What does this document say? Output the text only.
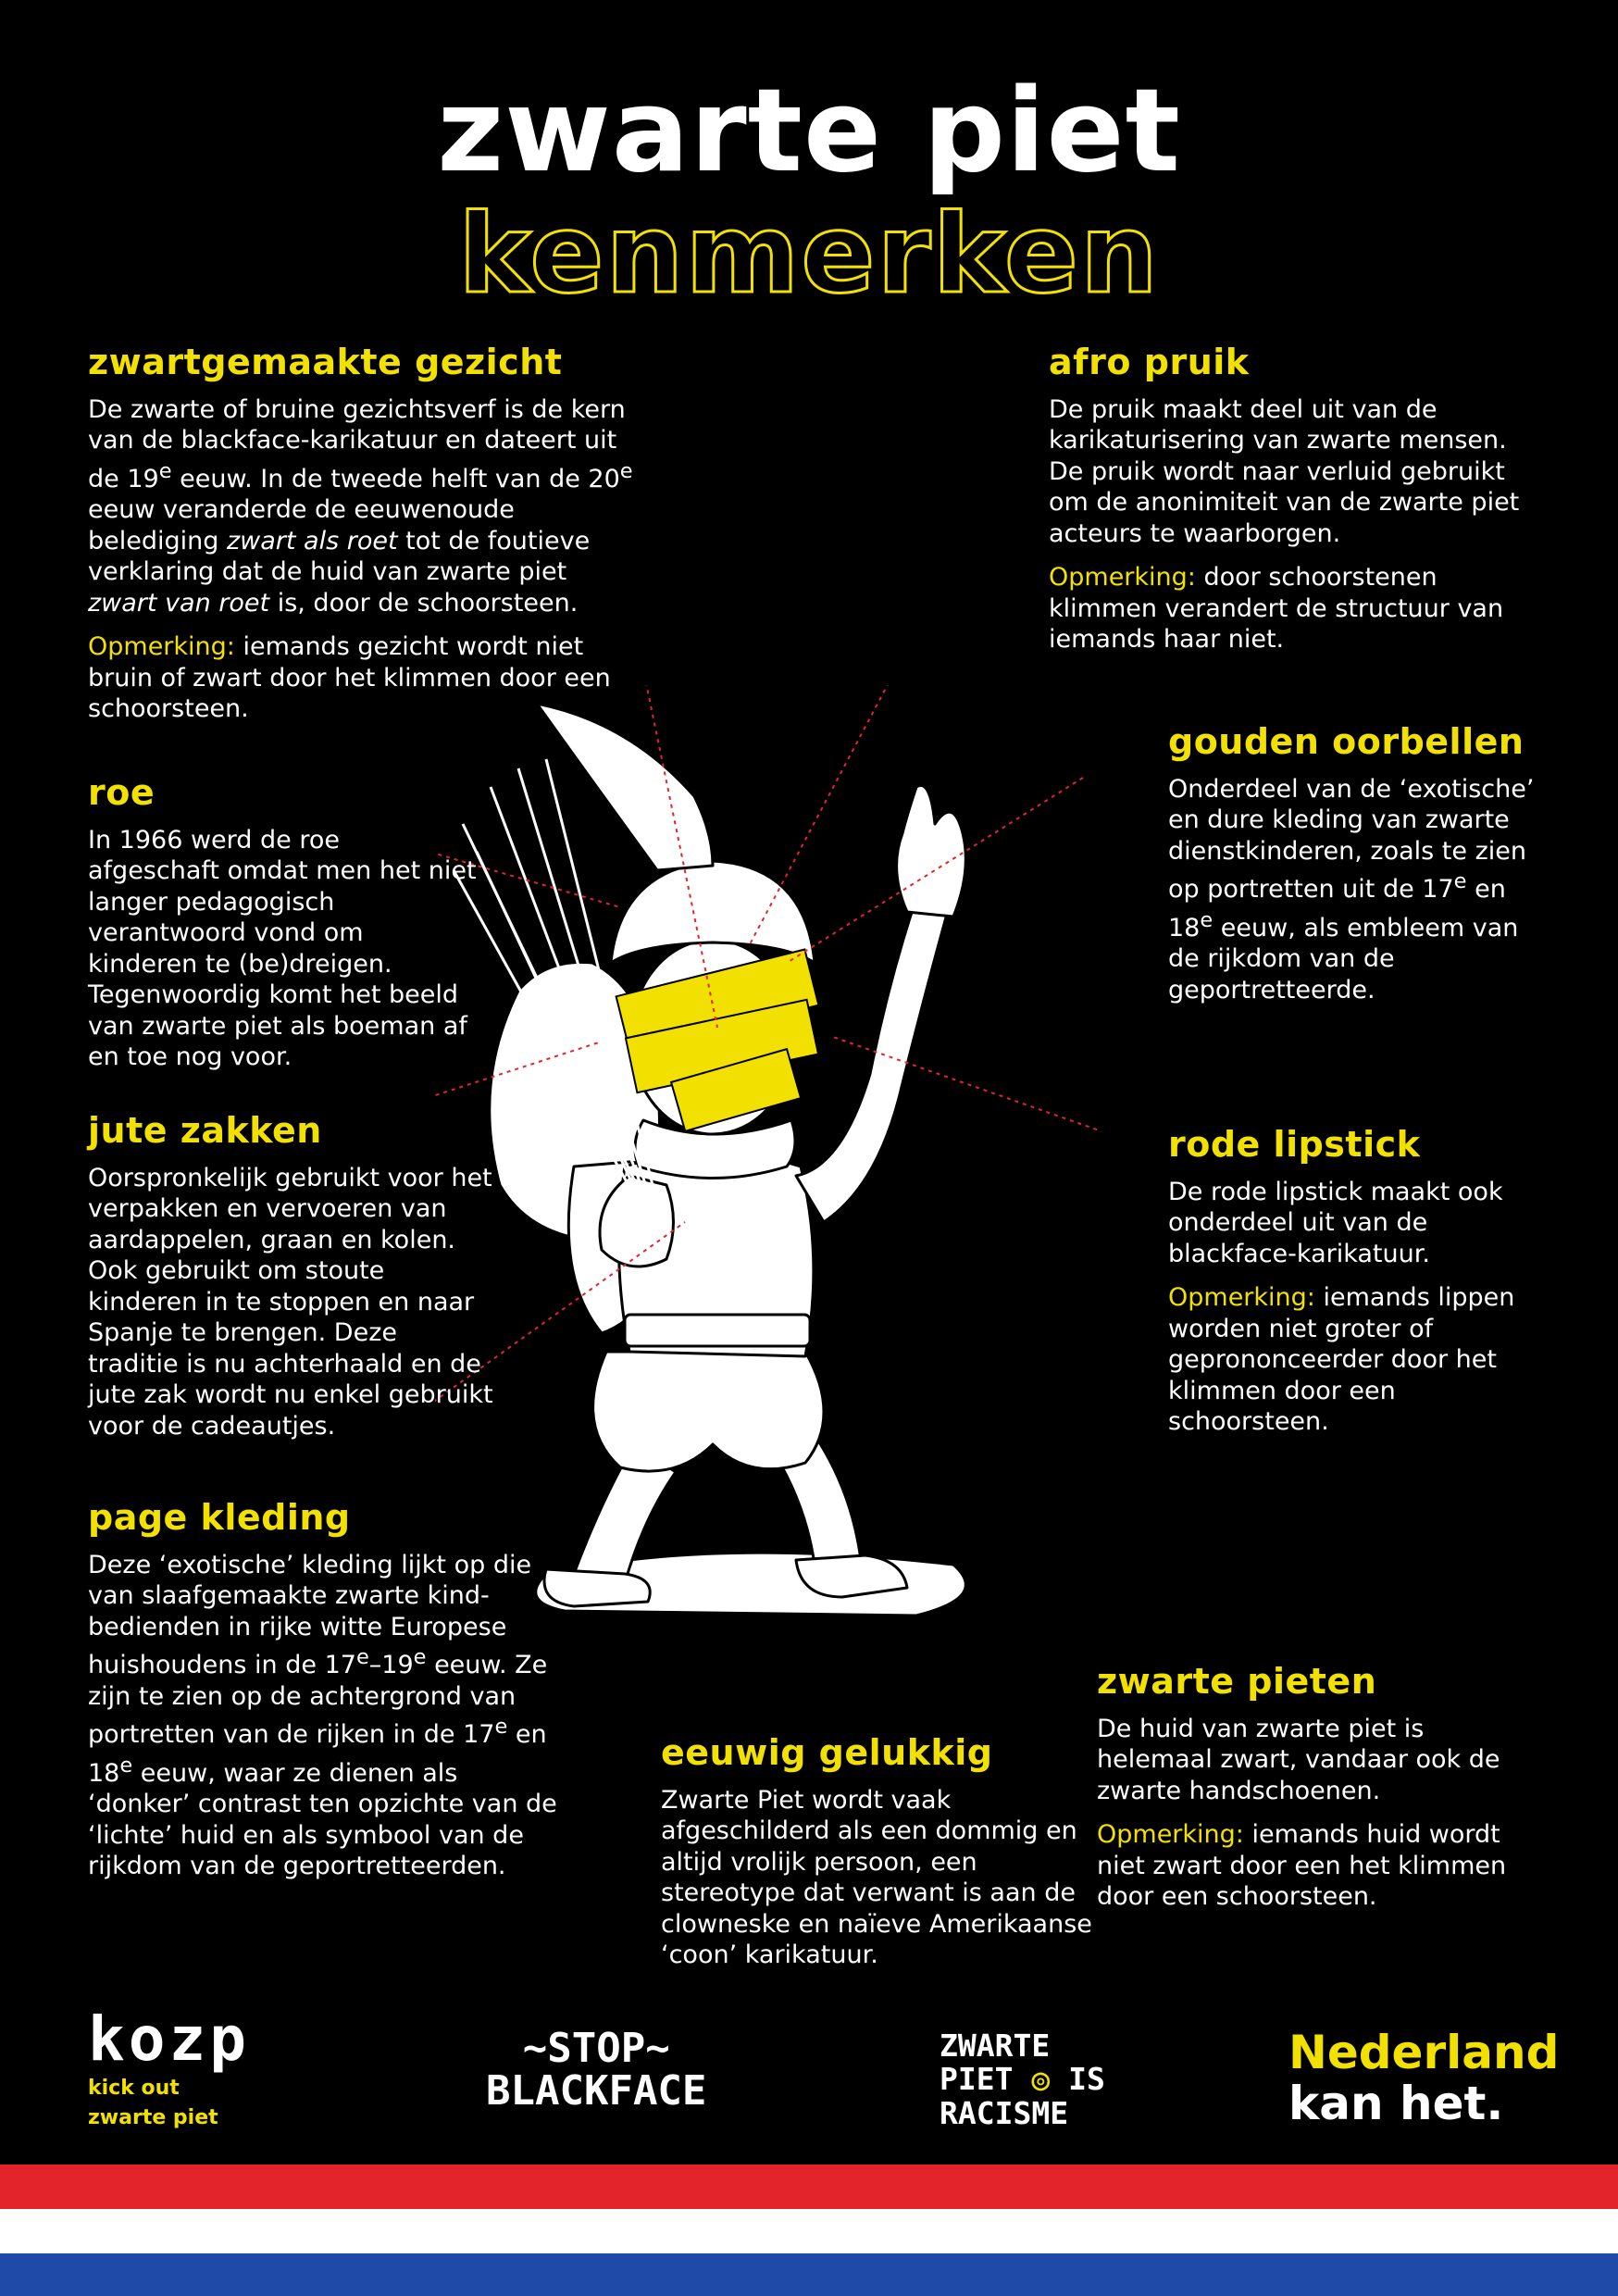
zwarte piet
kenmerken
zwartgemaakte gezicht

De zwarte of bruine gezichtsverf is de kern van de blackface-karikatuur en dateert uit de 19e eeuw. In de tweede helft van de 20e eeuw veranderde de eeuwenoude belediging zwart als roet tot de foutieve verklaring dat de huid van zwarte piet zwart van roet is, door de schoorsteen.

Opmerking: iemands gezicht wordt niet bruin of zwart door het klimmen door een schoorsteen.

afro pruik

De pruik maakt deel uit van de karikaturisering van zwarte mensen. De pruik wordt naar verluid gebruikt om de anonimiteit van de zwarte piet acteurs te waarborgen.

Opmerking: door schoorstenen klimmen verandert de structuur van iemands haar niet.

roe

In 1966 werd de roe afgeschaft omdat men het niet langer pedagogisch verantwoord vond om kinderen te (be)dreigen. Tegenwoordig komt het beeld van zwarte piet als boeman af en toe nog voor.

gouden oorbellen

Onderdeel van de ‘exotische’ en dure kleding van zwarte dienstkinderen, zoals te zien op portretten uit de 17e en 18e eeuw, als embleem van de rijkdom van de geportretteerde.

jute zakken

Oorspronkelijk gebruikt voor het verpakken en vervoeren van aardappelen, graan en kolen. Ook gebruikt om stoute kinderen in te stoppen en naar Spanje te brengen. Deze traditie is nu achterhaald en de jute zak wordt nu enkel gebruikt voor de cadeautjes.

rode lipstick

De rode lipstick maakt ook onderdeel uit van de blackface-karikatuur.

Opmerking: iemands lippen worden niet groter of geprononceerder door het klimmen door een schoorsteen.

page kleding

Deze ‘exotische’ kleding lijkt op die van slaafgemaakte zwarte kind-bedienden in rijke witte Europese huishoudens in de 17e–19e eeuw. Ze zijn te zien op de achtergrond van portretten van de rijken in de 17e en 18e eeuw, waar ze dienen als ‘donker’ contrast ten opzichte van de ‘lichte’ huid en als symbool van de rijkdom van de geportretteerden.

zwarte pieten

De huid van zwarte piet is helemaal zwart, vandaar ook de zwarte handschoenen.

Opmerking: iemands huid wordt niet zwart door een het klimmen door een schoorsteen.

eeuwig gelukkig

Zwarte Piet wordt vaak afgeschilderd als een dommig en altijd vrolijk persoon, een stereotype dat verwant is aan de clowneske en naïeve Amerikaanse ‘coon’ karikatuur.

kozp
kick out
zwarte piet
~STOP~
BLACKFACE
ZWARTE
PIET ◎ IS
RACISME
Nederland
kan het.
